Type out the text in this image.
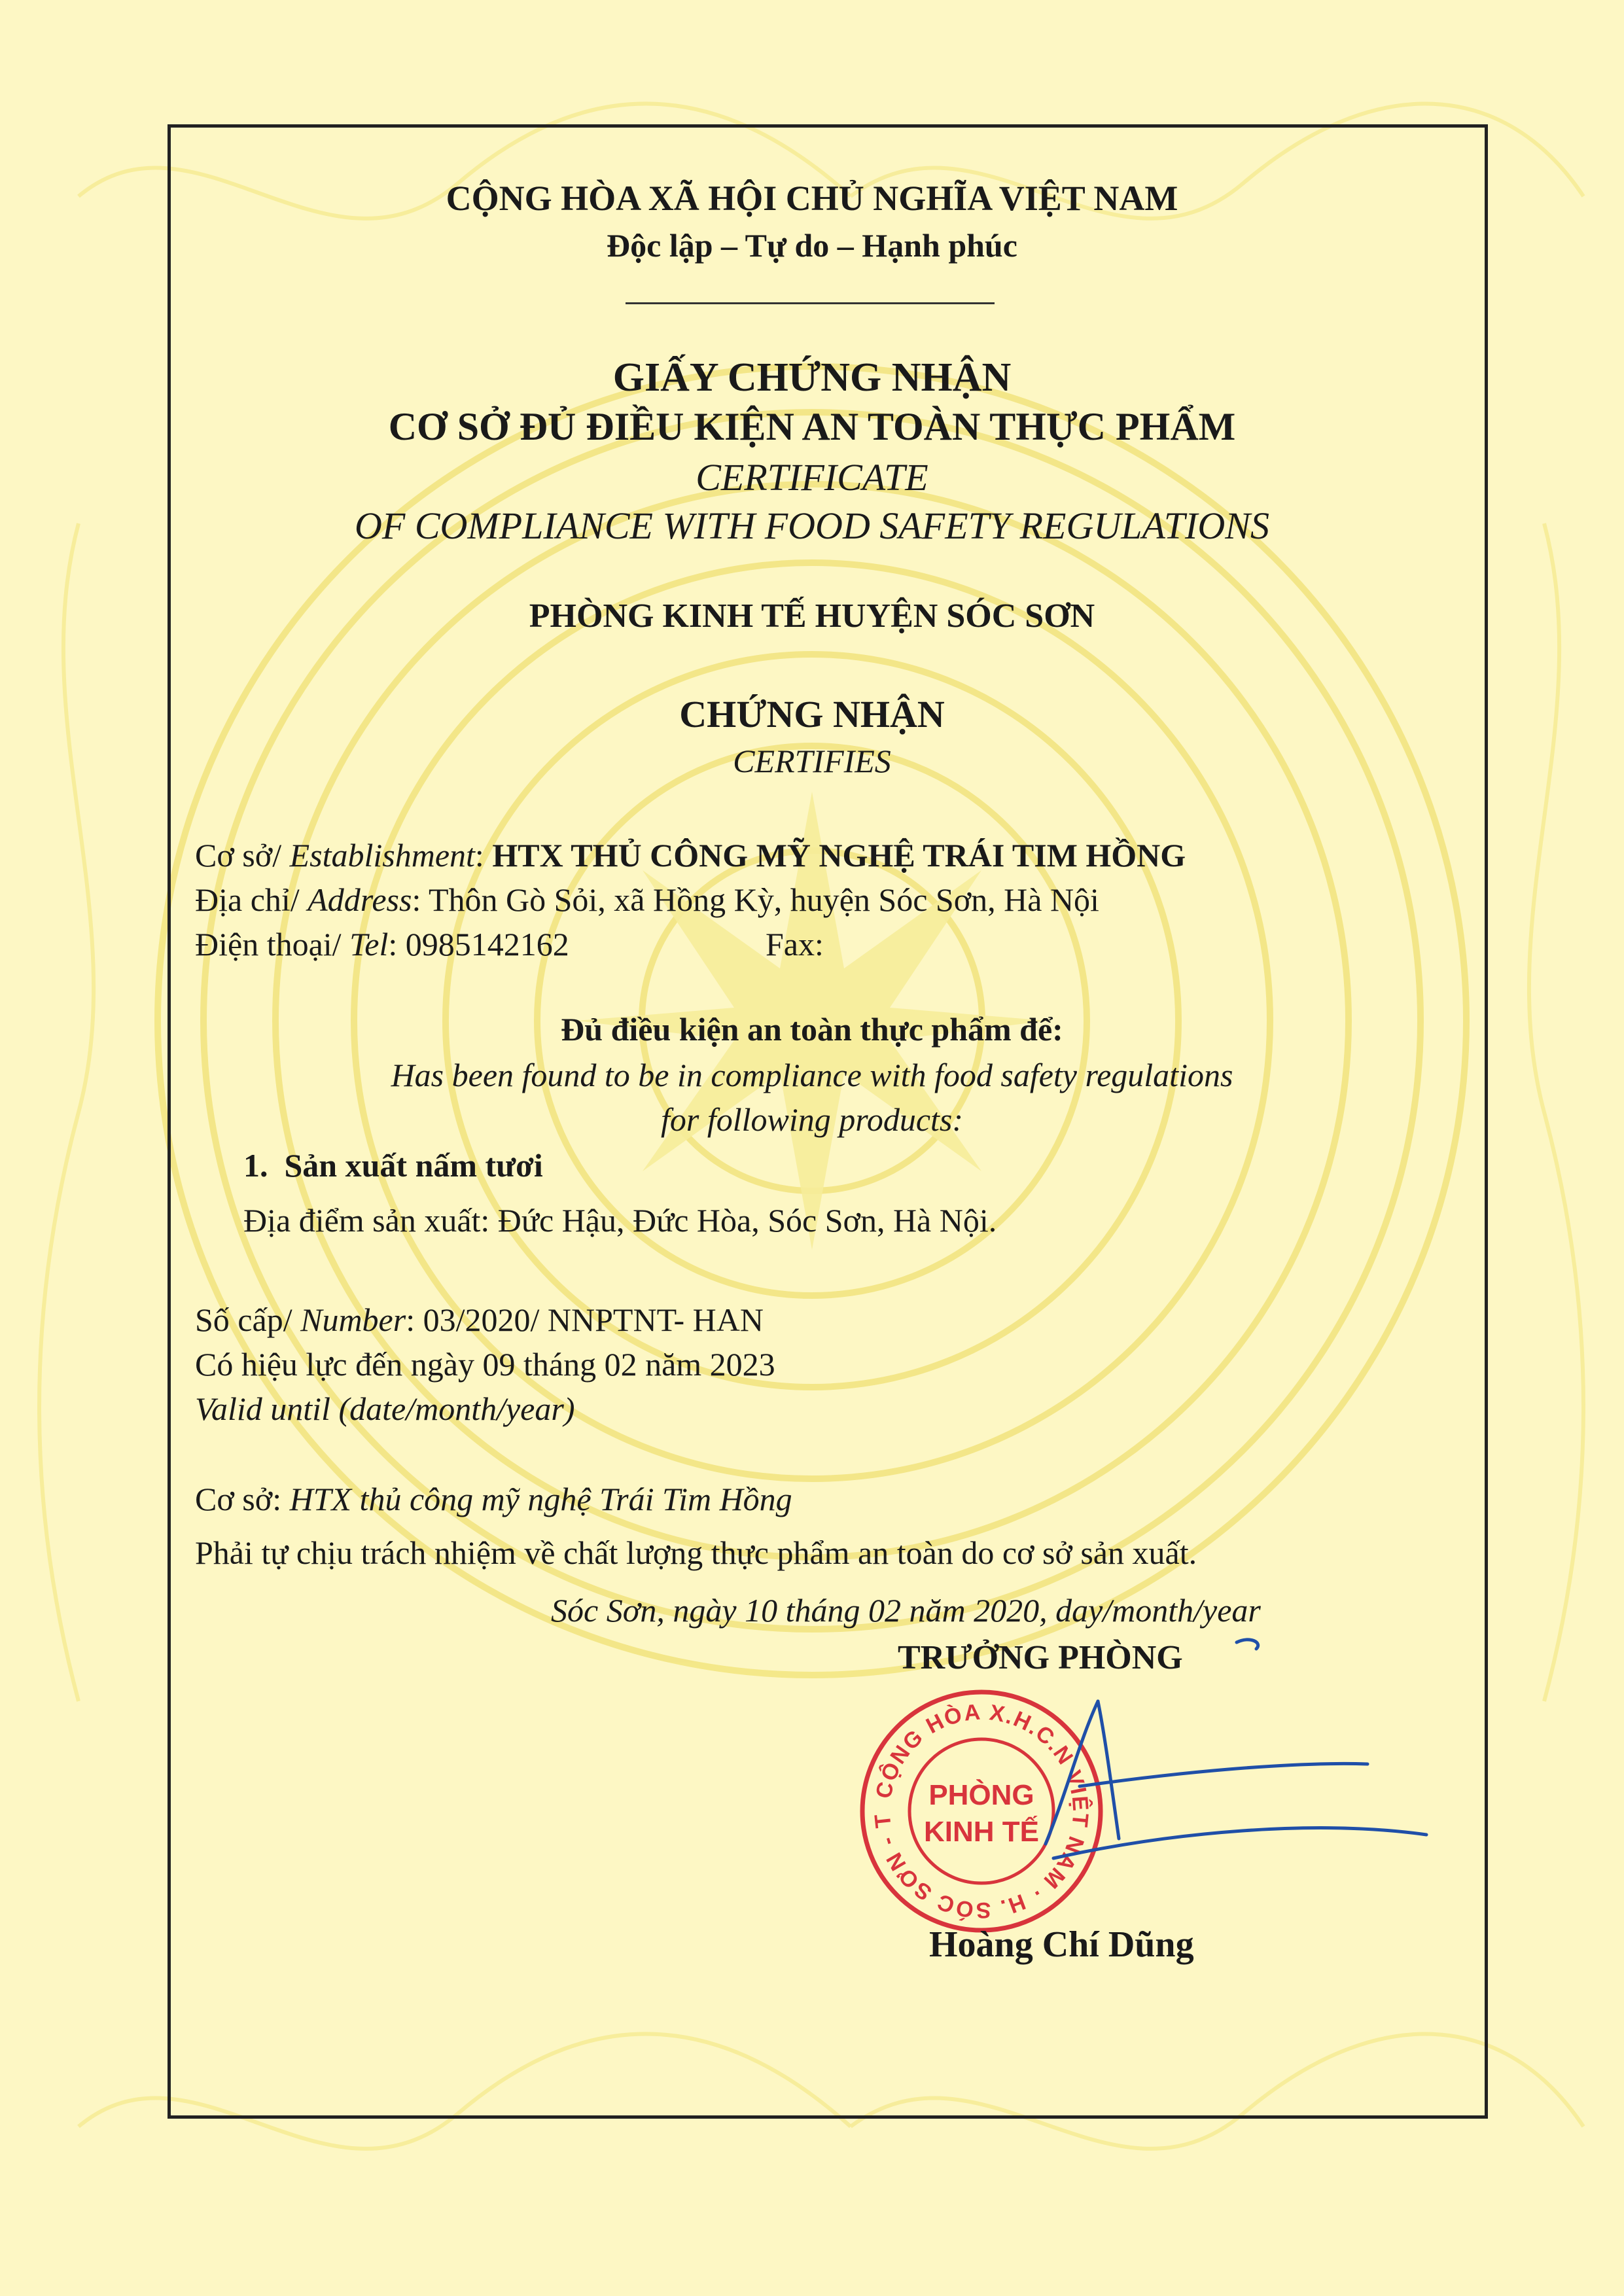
CỘNG HÒA XÃ HỘI CHỦ NGHĨA VIỆT NAM
Độc lập – Tự do – Hạnh phúc
GIẤY CHỨNG NHẬN
CƠ SỞ ĐỦ ĐIỀU KIỆN AN TOÀN THỰC PHẨM
CERTIFICATE
OF COMPLIANCE WITH FOOD SAFETY REGULATIONS
PHÒNG KINH TẾ HUYỆN SÓC SƠN
CHỨNG NHẬN
CERTIFIES
Cơ sở/ Establishment: HTX THỦ CÔNG MỸ NGHỆ TRÁI TIM HỒNG
Địa chỉ/ Address: Thôn Gò Sỏi, xã Hồng Kỳ, huyện Sóc Sơn, Hà Nội
Điện thoại/ Tel: 0985142162	Fax:
Đủ điều kiện an toàn thực phẩm để:
Has been found to be in compliance with food safety regulations
for following products:
1. Sản xuất nấm tươi
Địa điểm sản xuất: Đức Hậu, Đức Hòa, Sóc Sơn, Hà Nội.
Số cấp/ Number: 03/2020/ NNPTNT- HAN
Có hiệu lực đến ngày 09 tháng 02 năm 2023
Valid until (date/month/year)
Cơ sở: HTX thủ công mỹ nghệ Trái Tim Hồng
Phải tự chịu trách nhiệm về chất lượng thực phẩm an toàn do cơ sở sản xuất.
Sóc Sơn, ngày 10 tháng 02 năm 2020, day/month/year
TRƯỞNG PHÒNG
CỘNG HÒA X.H.C.N VIỆT NAM · H. SÓC SƠN - T
PHÒNG
KINH TẾ
Hoàng Chí Dũng
